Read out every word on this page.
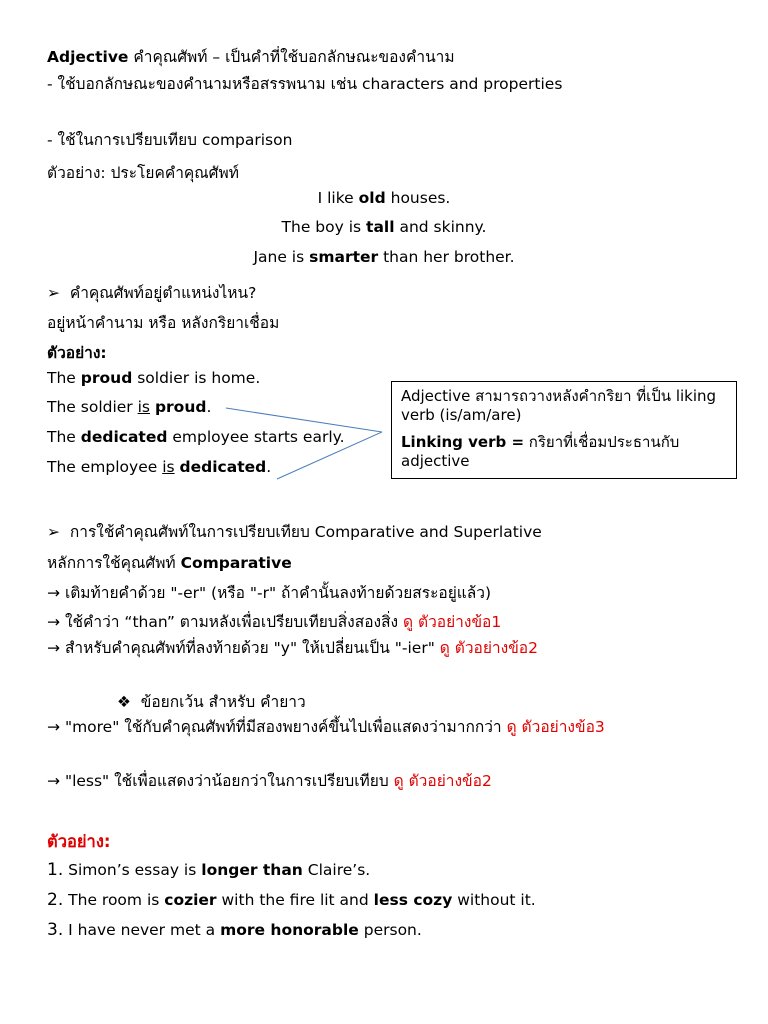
Adjective คำคุณศัพท์ – เป็นคำที่ใช้บอกลักษณะของคำนาม
- ใช้บอกลักษณะของคำนามหรือสรรพนาม เช่น characters and properties
- ใช้ในการเปรียบเทียบ comparison
ตัวอย่าง: ประโยคคำคุณศัพท์
I like old houses.
The boy is tall and skinny.
Jane is smarter than her brother.
➢ คำคุณศัพท์อยู่ตำแหน่งไหน?
อยู่หน้าคำนาม หรือ หลังกริยาเชื่อม
ตัวอย่าง:
The proud soldier is home.
The soldier is proud.
The dedicated employee starts early.
The employee is dedicated.

Adjective สามารถวางหลังคำกริยา ที่เป็น liking verb (is/am/are)

Linking verb = กริยาที่เชื่อมประธานกับ adjective

➢ การใช้คำคุณศัพท์ในการเปรียบเทียบ Comparative and Superlative
หลักการใช้คุณศัพท์ Comparative
→ เติมท้ายคำด้วย "-er" (หรือ "-r" ถ้าคำนั้นลงท้ายด้วยสระอยู่แล้ว)
→ ใช้คำว่า “than” ตามหลังเพื่อเปรียบเทียบสิ่งสองสิ่ง ดู ตัวอย่างข้อ1
→ สำหรับคำคุณศัพท์ที่ลงท้ายด้วย "y" ให้เปลี่ยนเป็น "-ier" ดู ตัวอย่างข้อ2
❖ ข้อยกเว้น สำหรับ คำยาว
→ "more" ใช้กับคำคุณศัพท์ที่มีสองพยางค์ขึ้นไปเพื่อแสดงว่ามากกว่า ดู ตัวอย่างข้อ3
→ "less" ใช้เพื่อแสดงว่าน้อยกว่าในการเปรียบเทียบ ดู ตัวอย่างข้อ2
ตัวอย่าง:
1. Simon’s essay is longer than Claire’s.
2. The room is cozier with the fire lit and less cozy without it.
3. I have never met a more honorable person.
